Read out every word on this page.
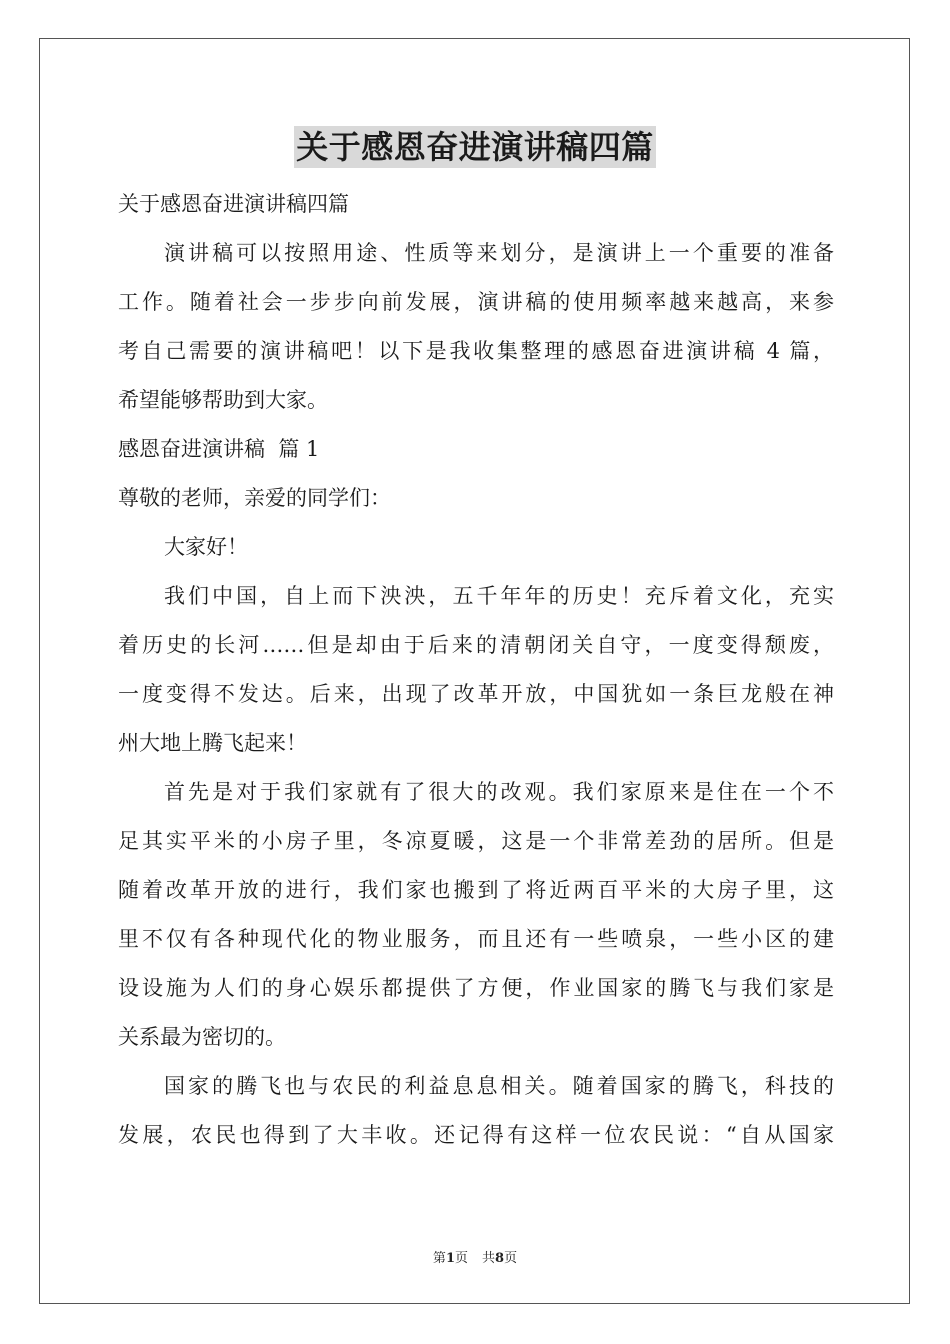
关于感恩奋进演讲稿四篇
关于感恩奋进演讲稿四篇
演讲稿可以按照用途、性质等来划分，是演讲上一个重要的准备
工作。随着社会一步步向前发展，演讲稿的使用频率越来越高，来参
考自己需要的演讲稿吧！以下是我收集整理的感恩奋进演讲稿 4 篇，
希望能够帮助到大家。
感恩奋进演讲稿  篇 1
尊敬的老师，亲爱的同学们：
大家好！
我们中国，自上而下泱泱，五千年年的历史！充斥着文化，充实
着历史的长河……但是却由于后来的清朝闭关自守，一度变得颓废，
一度变得不发达。后来，出现了改革开放，中国犹如一条巨龙般在神
州大地上腾飞起来！
首先是对于我们家就有了很大的改观。我们家原来是住在一个不
足其实平米的小房子里，冬凉夏暖，这是一个非常差劲的居所。但是
随着改革开放的进行，我们家也搬到了将近两百平米的大房子里，这
里不仅有各种现代化的物业服务，而且还有一些喷泉，一些小区的建
设设施为人们的身心娱乐都提供了方便，作业国家的腾飞与我们家是
关系最为密切的。
国家的腾飞也与农民的利益息息相关。随着国家的腾飞，科技的
发展，农民也得到了大丰收。还记得有这样一位农民说：“自从国家
第1页 共8页
